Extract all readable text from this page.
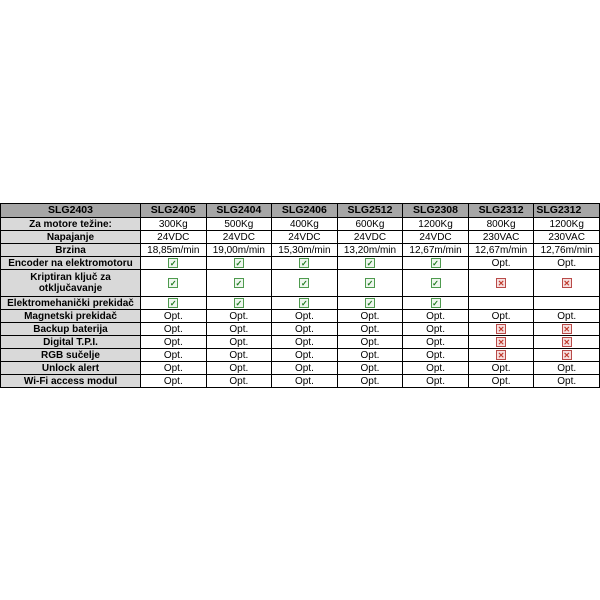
SLG2403	SLG2405	SLG2404	SLG2406	SLG2512	SLG2308	SLG2312	SLG2312
Za motore težine:	300Kg	500Kg	400Kg	600Kg	1200Kg	800Kg	1200Kg
Napajanje	24VDC	24VDC	24VDC	24VDC	24VDC	230VAC	230VAC
Brzina	18,85m/min	19,00m/min	15,30m/min	13,20m/min	12,67m/min	12,67m/min	12,76m/min
Encoder na elektromotoru	✓	✓	✓	✓	✓	Opt.	Opt.
Kriptiran ključ za otključavanje	✓	✓	✓	✓	✓	✕	✕
Elektromehanički prekidač	✓	✓	✓	✓	✓		
Magnetski prekidač	Opt.	Opt.	Opt.	Opt.	Opt.	Opt.	Opt.
Backup baterija	Opt.	Opt.	Opt.	Opt.	Opt.	✕	✕
Digital T.P.I.	Opt.	Opt.	Opt.	Opt.	Opt.	✕	✕
RGB sučelje	Opt.	Opt.	Opt.	Opt.	Opt.	✕	✕
Unlock alert	Opt.	Opt.	Opt.	Opt.	Opt.	Opt.	Opt.
Wi-Fi access modul	Opt.	Opt.	Opt.	Opt.	Opt.	Opt.	Opt.
